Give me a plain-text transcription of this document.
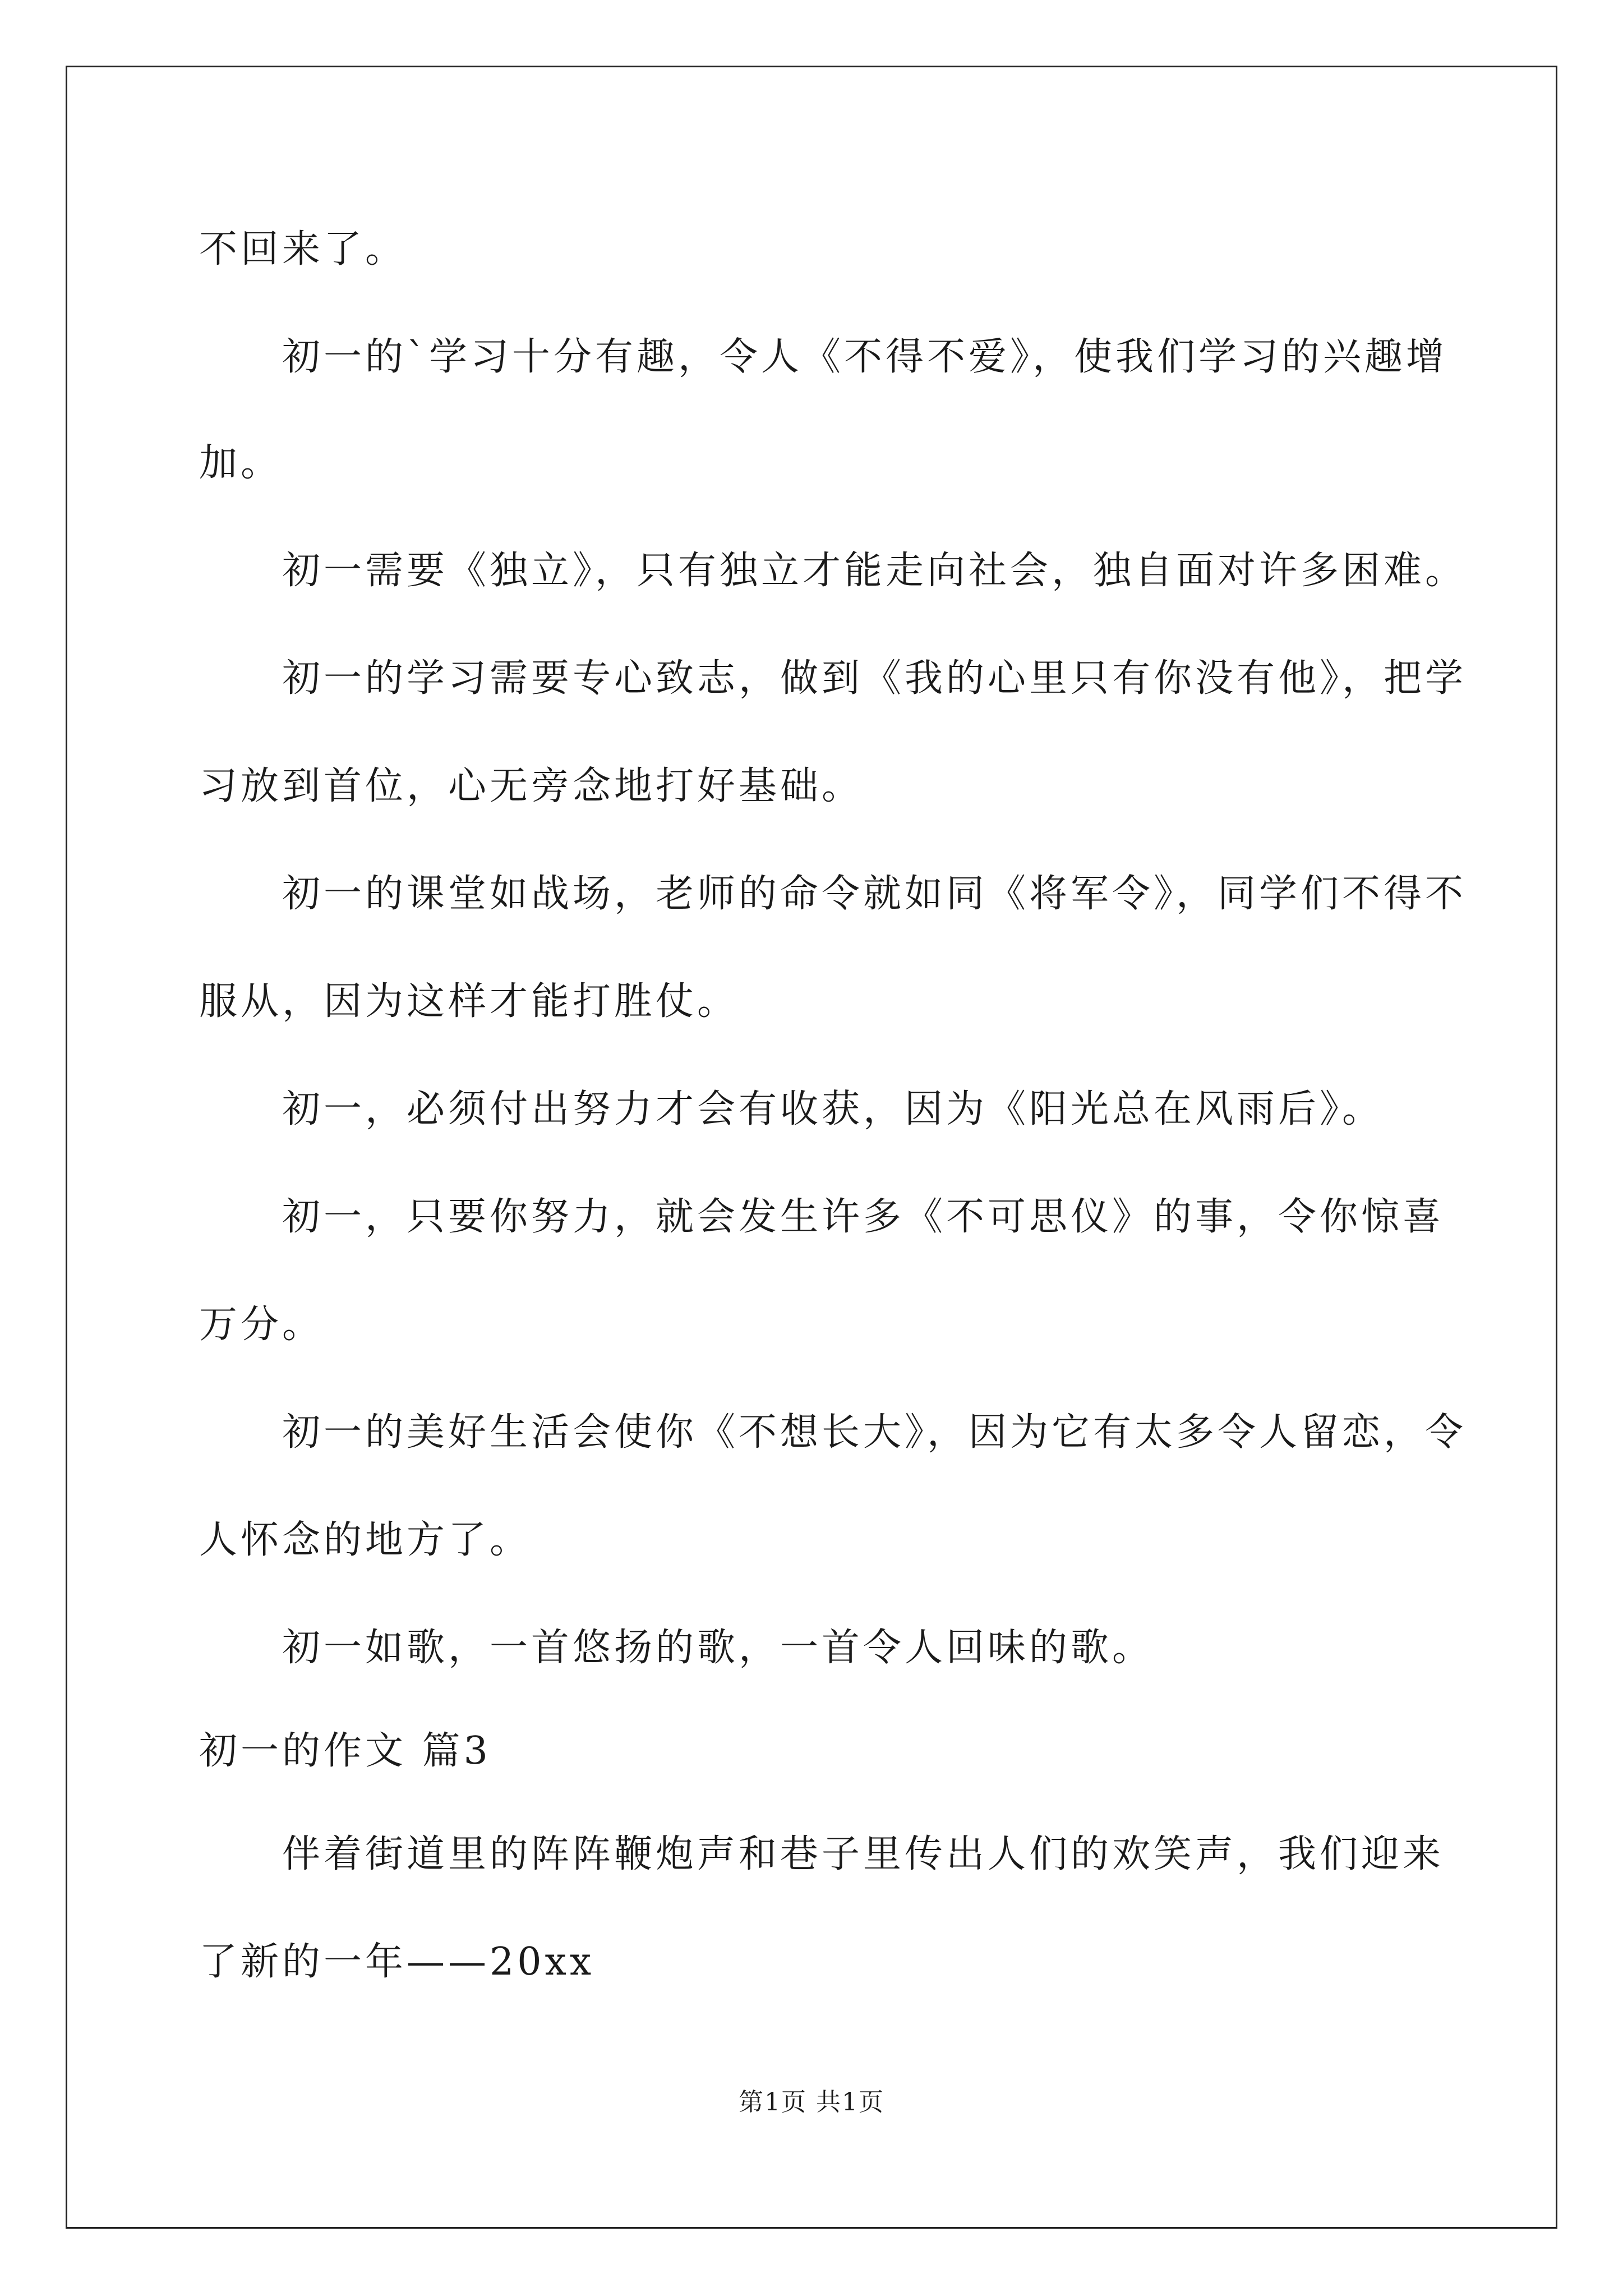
不回来了。
初一的`学习十分有趣，令人《不得不爱》，使我们学习的兴趣增
加。
初一需要《独立》，只有独立才能走向社会，独自面对许多困难。
初一的学习需要专心致志，做到《我的心里只有你没有他》，把学
习放到首位，心无旁念地打好基础。
初一的课堂如战场，老师的命令就如同《将军令》，同学们不得不
服从，因为这样才能打胜仗。
初一，必须付出努力才会有收获，因为《阳光总在风雨后》。
初一，只要你努力，就会发生许多《不可思仪》的事，令你惊喜
万分。
初一的美好生活会使你《不想长大》，因为它有太多令人留恋，令
人怀念的地方了。
初一如歌，一首悠扬的歌，一首令人回味的歌。
初一的作文 篇3
伴着街道里的阵阵鞭炮声和巷子里传出人们的欢笑声，我们迎来
了新的一年——20xx
第1页 共1页
